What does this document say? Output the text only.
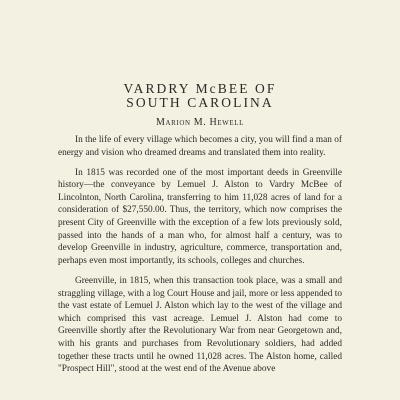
VARDRY McBEE OF
SOUTH CAROLINA
Marion M. Hewell

In the life of every village which becomes a city, you will find a man of energy and vision who dreamed dreams and translated them into reality.

In 1815 was recorded one of the most important deeds in Greenville history—the conveyance by Lemuel J. Alston to Vardry McBee of Lincolnton, North Carolina, transferring to him 11,028 acres of land for a consideration of $27,550.00. Thus, the territory, which now comprises the present City of Greenville with the exception of a few lots previously sold, passed into the hands of a man who, for almost half a century, was to develop Greenville in industry, agriculture, commerce, transportation and, perhaps even most importantly, its schools, colleges and churches.

Greenville, in 1815, when this transaction took place, was a small and straggling village, with a log Court House and jail, more or less appended to the vast estate of Lemuel J. Alston which lay to the west of the village and which comprised this vast acreage. Lemuel J. Alston had come to Greenville shortly after the Revolutionary War from near Georgetown and, with his grants and purchases from Revolutionary soldiers, had added together these tracts until he owned 11,028 acres. The Alston home, called "Prospect Hill", stood at the west end of the Avenue above
